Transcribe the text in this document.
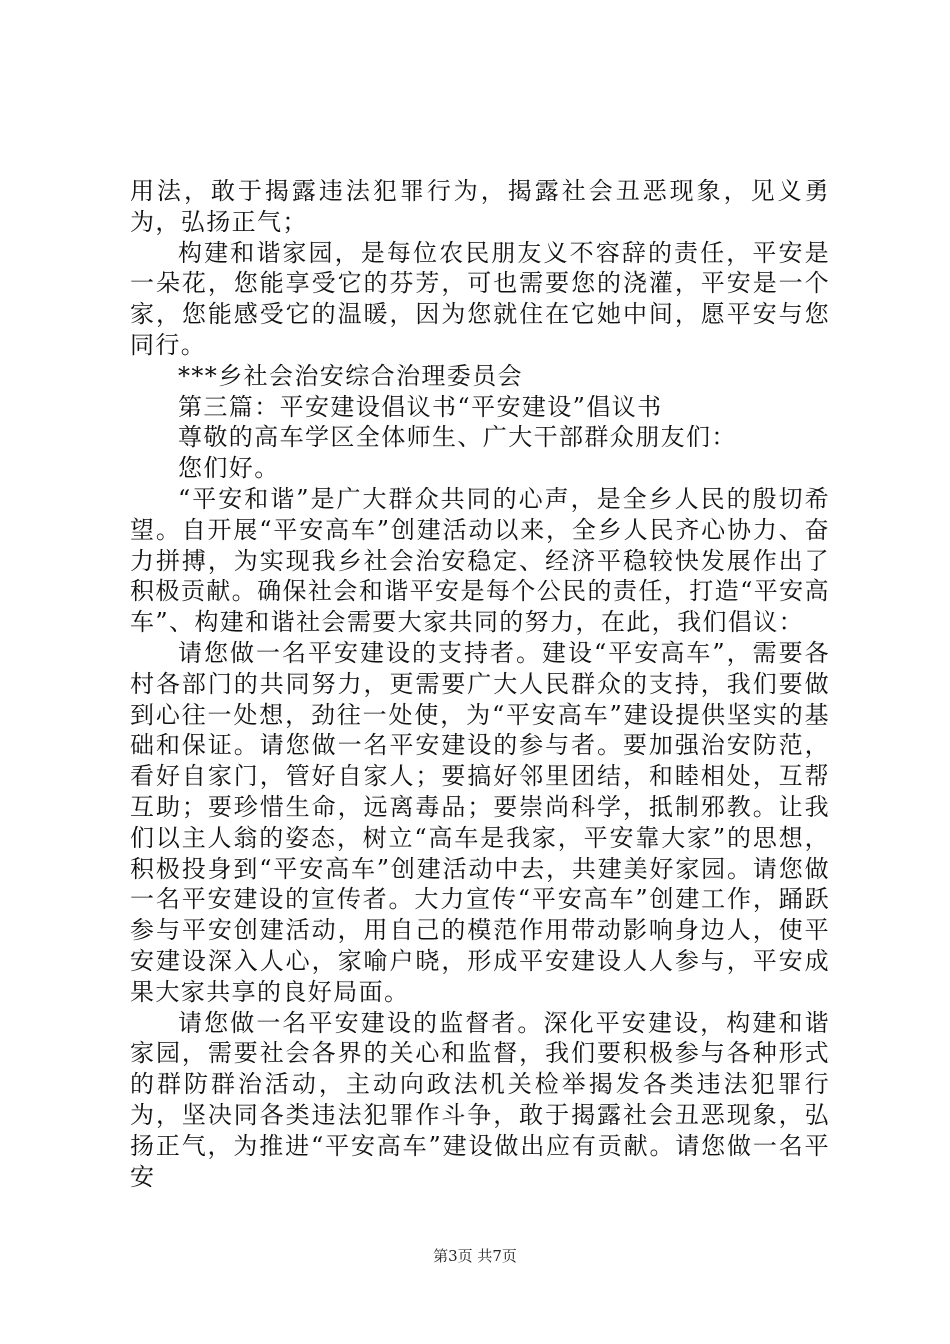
用法，敢于揭露违法犯罪行为，揭露社会丑恶现象，见义勇为，弘扬正气；

构建和谐家园，是每位农民朋友义不容辞的责任，平安是一朵花，您能享受它的芬芳，可也需要您的浇灌，平安是一个家，您能感受它的温暖，因为您就住在它她中间，愿平安与您同行。

***乡社会治安综合治理委员会

第三篇：平安建设倡议书“平安建设”倡议书

尊敬的高车学区全体师生、广大干部群众朋友们：

您们好。

“平安和谐”是广大群众共同的心声，是全乡人民的殷切希望。自开展“平安高车”创建活动以来，全乡人民齐心协力、奋力拼搏，为实现我乡社会治安稳定、经济平稳较快发展作出了积极贡献。确保社会和谐平安是每个公民的责任，打造“平安高车”、构建和谐社会需要大家共同的努力，在此，我们倡议：

请您做一名平安建设的支持者。建设“平安高车”，需要各村各部门的共同努力，更需要广大人民群众的支持，我们要做到心往一处想，劲往一处使，为“平安高车”建设提供坚实的基础和保证。请您做一名平安建设的参与者。要加强治安防范，看好自家门，管好自家人；要搞好邻里团结，和睦相处，互帮互助；要珍惜生命，远离毒品；要崇尚科学，抵制邪教。让我们以主人翁的姿态，树立“高车是我家，平安靠大家”的思想，积极投身到“平安高车”创建活动中去，共建美好家园。请您做一名平安建设的宣传者。大力宣传“平安高车”创建工作，踊跃参与平安创建活动，用自己的模范作用带动影响身边人，使平安建设深入人心，家喻户晓，形成平安建设人人参与，平安成果大家共享的良好局面。

请您做一名平安建设的监督者。深化平安建设，构建和谐家园，需要社会各界的关心和监督，我们要积极参与各种形式的群防群治活动，主动向政法机关检举揭发各类违法犯罪行为，坚决同各类违法犯罪作斗争，敢于揭露社会丑恶现象，弘扬正气，为推进“平安高车”建设做出应有贡献。请您做一名平安

第3页 共7页
